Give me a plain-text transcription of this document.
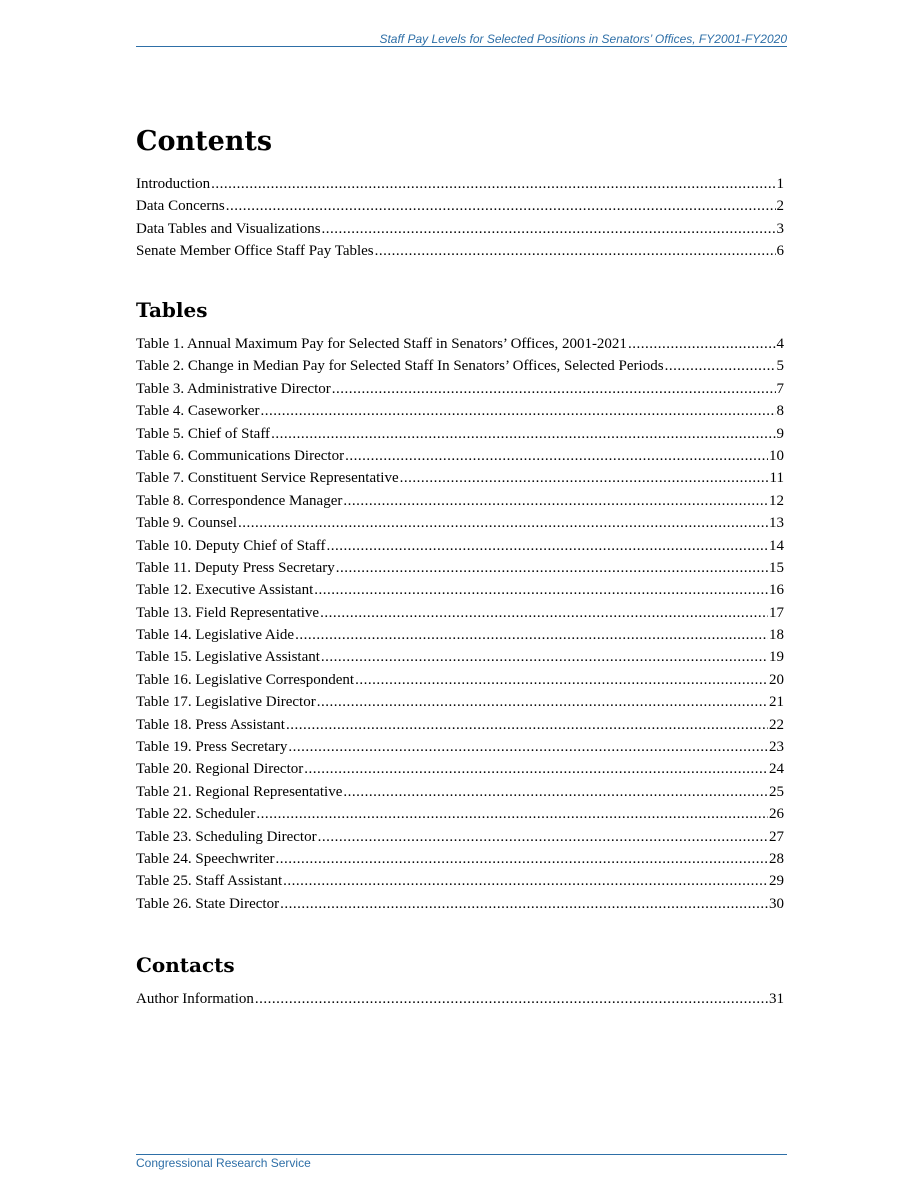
Staff Pay Levels for Selected Positions in Senators’ Offices, FY2001-FY2020
Contents
Introduction .....	1
Data Concerns .....	2
Data Tables and Visualizations .....	3
Senate Member Office Staff Pay Tables .....	6
Tables
Table 1. Annual Maximum Pay for Selected Staff in Senators’ Offices, 2001-2021 .....	4
Table 2. Change in Median Pay for Selected Staff In Senators’ Offices, Selected Periods .....	5
Table 3. Administrative Director .....	7
Table 4. Caseworker .....	8
Table 5. Chief of Staff .....	9
Table 6. Communications Director .....	10
Table 7. Constituent Service Representative .....	11
Table 8. Correspondence Manager .....	12
Table 9. Counsel .....	13
Table 10. Deputy Chief of Staff .....	14
Table 11. Deputy Press Secretary .....	15
Table 12. Executive Assistant .....	16
Table 13. Field Representative .....	17
Table 14. Legislative Aide .....	18
Table 15. Legislative Assistant .....	19
Table 16. Legislative Correspondent .....	20
Table 17. Legislative Director .....	21
Table 18. Press Assistant .....	22
Table 19. Press Secretary .....	23
Table 20. Regional Director .....	24
Table 21. Regional Representative .....	25
Table 22. Scheduler .....	26
Table 23. Scheduling Director .....	27
Table 24. Speechwriter .....	28
Table 25. Staff Assistant .....	29
Table 26. State Director .....	30
Contacts
Author Information .....	31
Congressional Research Service
